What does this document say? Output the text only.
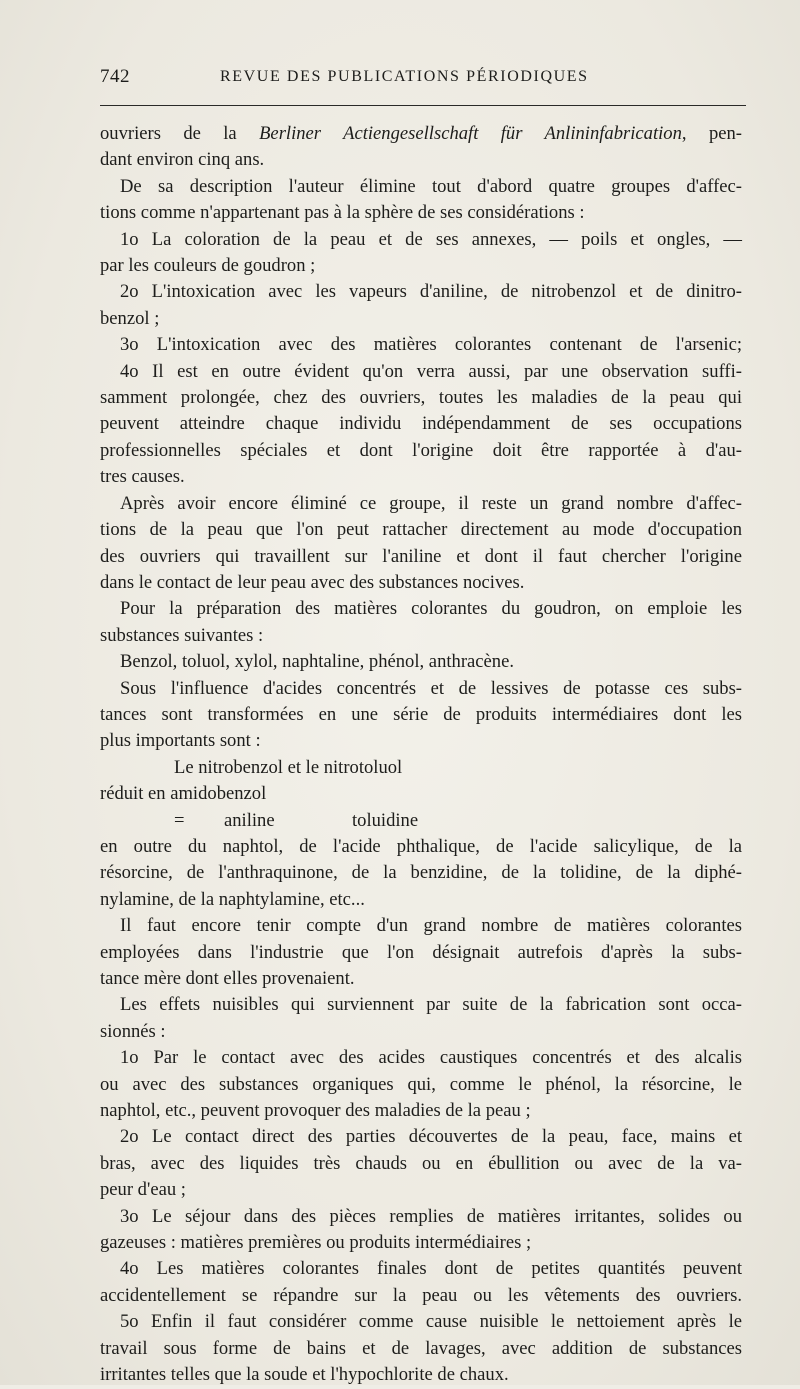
742	REVUE DES PUBLICATIONS PÉRIODIQUES
ouvriers de la Berliner Actiengesellschaft für Anlininfabrication, pen-
dant environ cinq ans.
De sa description l'auteur élimine tout d'abord quatre groupes d'affec-
tions comme n'appartenant pas à la sphère de ses considérations :
1o La coloration de la peau et de ses annexes, — poils et ongles, —
par les couleurs de goudron ;
2o L'intoxication avec les vapeurs d'aniline, de nitrobenzol et de dinitro-
benzol ;
3o L'intoxication avec des matières colorantes contenant de l'arsenic;
4o Il est en outre évident qu'on verra aussi, par une observation suffi-
samment prolongée, chez des ouvriers, toutes les maladies de la peau qui
peuvent atteindre chaque individu indépendamment de ses occupations
professionnelles spéciales et dont l'origine doit être rapportée à d'au-
tres causes.
Après avoir encore éliminé ce groupe, il reste un grand nombre d'affec-
tions de la peau que l'on peut rattacher directement au mode d'occupation
des ouvriers qui travaillent sur l'aniline et dont il faut chercher l'origine
dans le contact de leur peau avec des substances nocives.
Pour la préparation des matières colorantes du goudron, on emploie les
substances suivantes :
Benzol, toluol, xylol, naphtaline, phénol, anthracène.
Sous l'influence d'acides concentrés et de lessives de potasse ces subs-
tances sont transformées en une série de produits intermédiaires dont les
plus importants sont :
Le nitrobenzol et le nitrotoluol
réduit en amidobenzol
= aniline	toluidine
en outre du naphtol, de l'acide phthalique, de l'acide salicylique, de la
résorcine, de l'anthraquinone, de la benzidine, de la tolidine, de la diphé-
nylamine, de la naphtylamine, etc...
Il faut encore tenir compte d'un grand nombre de matières colorantes
employées dans l'industrie que l'on désignait autrefois d'après la subs-
tance mère dont elles provenaient.
Les effets nuisibles qui surviennent par suite de la fabrication sont occa-
sionnés :
1o Par le contact avec des acides caustiques concentrés et des alcalis
ou avec des substances organiques qui, comme le phénol, la résorcine, le
naphtol, etc., peuvent provoquer des maladies de la peau ;
2o Le contact direct des parties découvertes de la peau, face, mains et
bras, avec des liquides très chauds ou en ébullition ou avec de la va-
peur d'eau ;
3o Le séjour dans des pièces remplies de matières irritantes, solides ou
gazeuses : matières premières ou produits intermédiaires ;
4o Les matières colorantes finales dont de petites quantités peuvent
accidentellement se répandre sur la peau ou les vêtements des ouvriers.
5o Enfin il faut considérer comme cause nuisible le nettoiement après le
travail sous forme de bains et de lavages, avec addition de substances
irritantes telles que la soude et l'hypochlorite de chaux.
